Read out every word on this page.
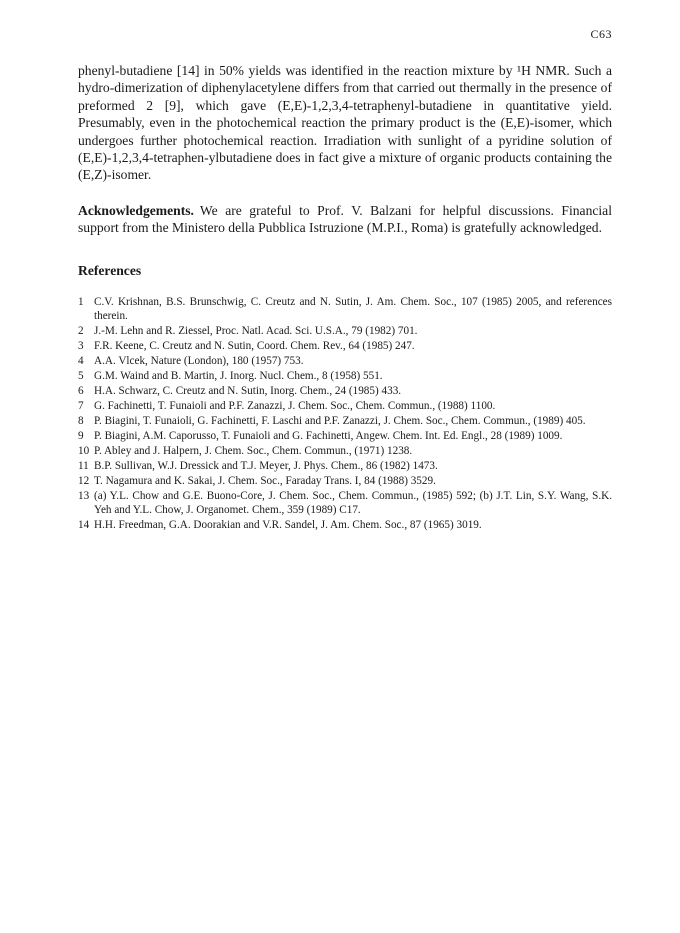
C63

phenyl-butadiene [14] in 50% yields was identified in the reaction mixture by ¹H NMR. Such a hydro-dimerization of diphenylacetylene differs from that carried out thermally in the presence of preformed 2 [9], which gave (E,E)-1,2,3,4-tetraphenyl-butadiene in quantitative yield. Presumably, even in the photochemical reaction the primary product is the (E,E)-isomer, which undergoes further photochemical reaction. Irradiation with sunlight of a pyridine solution of (E,E)-1,2,3,4-tetraphen-ylbutadiene does in fact give a mixture of organic products containing the (E,Z)-isomer.

Acknowledgements. We are grateful to Prof. V. Balzani for helpful discussions. Financial support from the Ministero della Pubblica Istruzione (M.P.I., Roma) is gratefully acknowledged.

References
1 C.V. Krishnan, B.S. Brunschwig, C. Creutz and N. Sutin, J. Am. Chem. Soc., 107 (1985) 2005, and references therein.
2 J.-M. Lehn and R. Ziessel, Proc. Natl. Acad. Sci. U.S.A., 79 (1982) 701.
3 F.R. Keene, C. Creutz and N. Sutin, Coord. Chem. Rev., 64 (1985) 247.
4 A.A. Vlcek, Nature (London), 180 (1957) 753.
5 G.M. Waind and B. Martin, J. Inorg. Nucl. Chem., 8 (1958) 551.
6 H.A. Schwarz, C. Creutz and N. Sutin, Inorg. Chem., 24 (1985) 433.
7 G. Fachinetti, T. Funaioli and P.F. Zanazzi, J. Chem. Soc., Chem. Commun., (1988) 1100.
8 P. Biagini, T. Funaioli, G. Fachinetti, F. Laschi and P.F. Zanazzi, J. Chem. Soc., Chem. Commun., (1989) 405.
9 P. Biagini, A.M. Caporusso, T. Funaioli and G. Fachinetti, Angew. Chem. Int. Ed. Engl., 28 (1989) 1009.
10 P. Abley and J. Halpern, J. Chem. Soc., Chem. Commun., (1971) 1238.
11 B.P. Sullivan, W.J. Dressick and T.J. Meyer, J. Phys. Chem., 86 (1982) 1473.
12 T. Nagamura and K. Sakai, J. Chem. Soc., Faraday Trans. I, 84 (1988) 3529.
13 (a) Y.L. Chow and G.E. Buono-Core, J. Chem. Soc., Chem. Commun., (1985) 592; (b) J.T. Lin, S.Y. Wang, S.K. Yeh and Y.L. Chow, J. Organomet. Chem., 359 (1989) C17.
14 H.H. Freedman, G.A. Doorakian and V.R. Sandel, J. Am. Chem. Soc., 87 (1965) 3019.
